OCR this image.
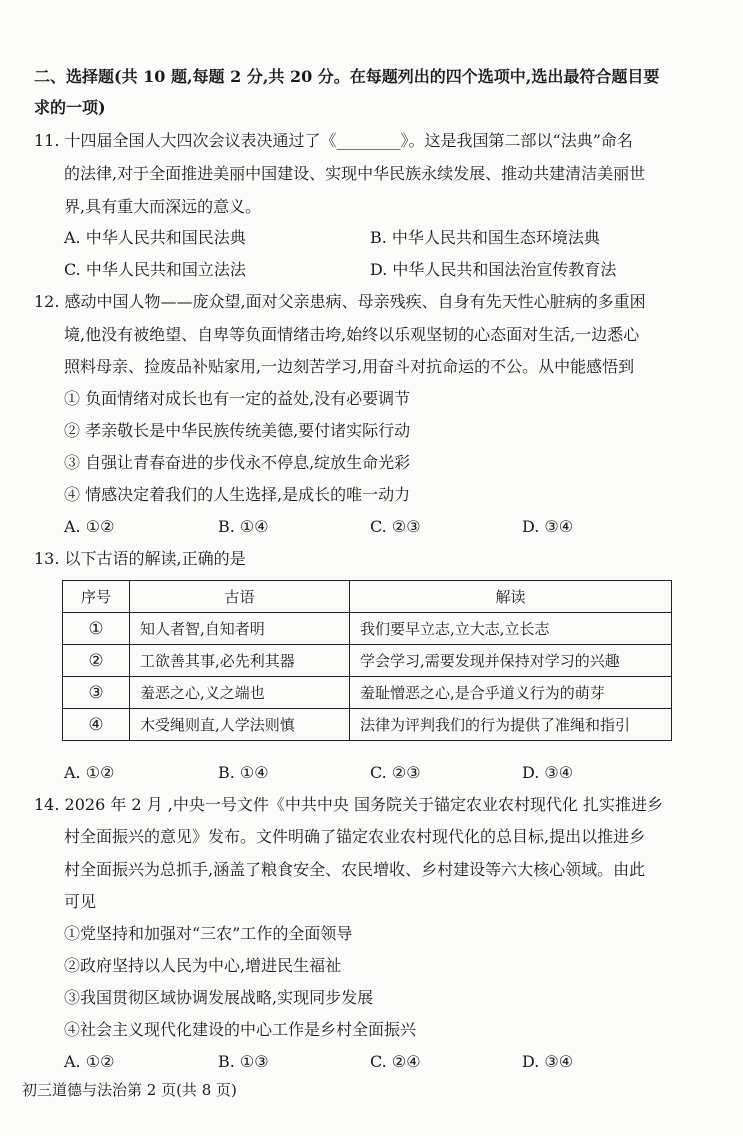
二、选择题(共 10 题,每题 2 分,共 20 分。在每题列出的四个选项中,选出最符合题目要
求的一项)
11. 十四届全国人大四次会议表决通过了《________》。这是我国第二部以“法典”命名
的法律,对于全面推进美丽中国建设、实现中华民族永续发展、推动共建清洁美丽世
界,具有重大而深远的意义。
A. 中华人民共和国民法典	B. 中华人民共和国生态环境法典
C. 中华人民共和国立法法	D. 中华人民共和国法治宣传教育法
12. 感动中国人物——庞众望,面对父亲患病、母亲残疾、自身有先天性心脏病的多重困
境,他没有被绝望、自卑等负面情绪击垮,始终以乐观坚韧的心态面对生活,一边悉心
照料母亲、捡废品补贴家用,一边刻苦学习,用奋斗对抗命运的不公。从中能感悟到
① 负面情绪对成长也有一定的益处,没有必要调节
② 孝亲敬长是中华民族传统美德,要付诸实际行动
③ 自强让青春奋进的步伐永不停息,绽放生命光彩
④ 情感决定着我们的人生选择,是成长的唯一动力
A. ①②	B. ①④	C. ②③	D. ③④
13. 以下古语的解读,正确的是
序号	古语	解读
①	知人者智,自知者明	我们要早立志,立大志,立长志
②	工欲善其事,必先利其器	学会学习,需要发现并保持对学习的兴趣
③	羞恶之心,义之端也	羞耻憎恶之心,是合乎道义行为的萌芽
④	木受绳则直,人学法则慎	法律为评判我们的行为提供了准绳和指引
A. ①②	B. ①④	C. ②③	D. ③④
14. 2026 年 2 月 ,中央一号文件《中共中央 国务院关于锚定农业农村现代化 扎实推进乡
村全面振兴的意见》发布。文件明确了锚定农业农村现代化的总目标,提出以推进乡
村全面振兴为总抓手,涵盖了粮食安全、农民增收、乡村建设等六大核心领域。由此
可见
①党坚持和加强对“三农”工作的全面领导
②政府坚持以人民为中心,增进民生福祉
③我国贯彻区域协调发展战略,实现同步发展
④社会主义现代化建设的中心工作是乡村全面振兴
A. ①②	B. ①③	C. ②④	D. ③④
初三道德与法治第 2 页(共 8 页)
